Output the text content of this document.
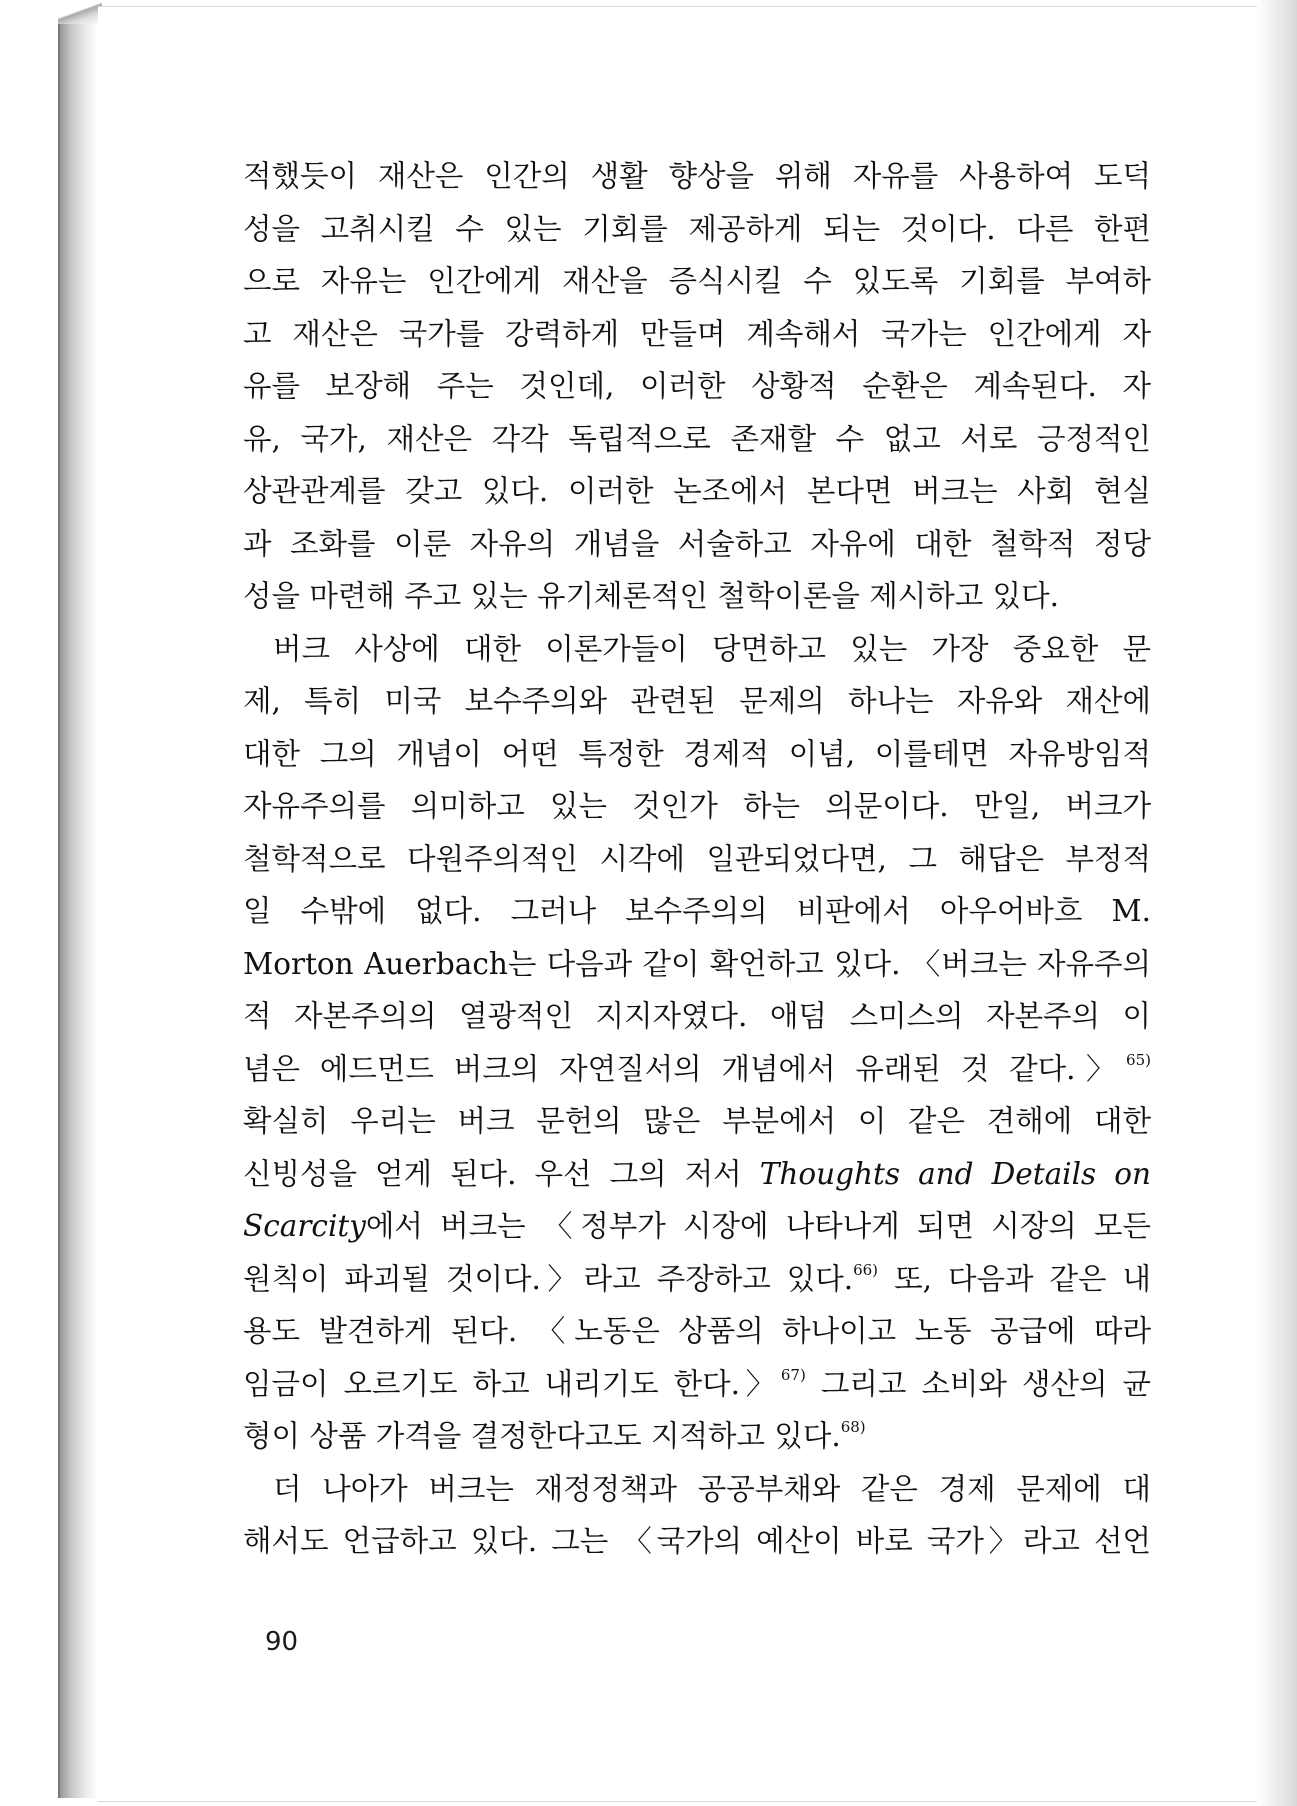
적했듯이 재산은 인간의 생활 향상을 위해 자유를 사용하여 도덕
성을 고취시킬 수 있는 기회를 제공하게 되는 것이다. 다른 한편
으로 자유는 인간에게 재산을 증식시킬 수 있도록 기회를 부여하
고 재산은 국가를 강력하게 만들며 계속해서 국가는 인간에게 자
유를 보장해 주는 것인데, 이러한 상황적 순환은 계속된다. 자
유, 국가, 재산은 각각 독립적으로 존재할 수 없고 서로 긍정적인
상관관계를 갖고 있다. 이러한 논조에서 본다면 버크는 사회 현실
과 조화를 이룬 자유의 개념을 서술하고 자유에 대한 철학적 정당
성을 마련해 주고 있는 유기체론적인 철학이론을 제시하고 있다.
버크 사상에 대한 이론가들이 당면하고 있는 가장 중요한 문
제, 특히 미국 보수주의와 관련된 문제의 하나는 자유와 재산에
대한 그의 개념이 어떤 특정한 경제적 이념, 이를테면 자유방임적
자유주의를 의미하고 있는 것인가 하는 의문이다. 만일, 버크가
철학적으로 다원주의적인 시각에 일관되었다면, 그 해답은 부정적
일 수밖에 없다. 그러나 보수주의의 비판에서 아우어바흐 M.
Morton Auerbach는 다음과 같이 확언하고 있다. 〈버크는 자유주의
적 자본주의의 열광적인 지지자였다. 애덤 스미스의 자본주의 이
념은 에드먼드 버크의 자연질서의 개념에서 유래된 것 같다.〉$^{65)}$
확실히 우리는 버크 문헌의 많은 부분에서 이 같은 견해에 대한
신빙성을 얻게 된다. 우선 그의 저서 Thoughts and Details on
Scarcity에서 버크는 〈정부가 시장에 나타나게 되면 시장의 모든
원칙이 파괴될 것이다.〉라고 주장하고 있다.$^{66)}$ 또, 다음과 같은 내
용도 발견하게 된다. 〈노동은 상품의 하나이고 노동 공급에 따라
임금이 오르기도 하고 내리기도 한다.〉$^{67)}$ 그리고 소비와 생산의 균
형이 상품 가격을 결정한다고도 지적하고 있다.$^{68)}$
더 나아가 버크는 재정정책과 공공부채와 같은 경제 문제에 대
해서도 언급하고 있다. 그는 〈국가의 예산이 바로 국가〉라고 선언
90
